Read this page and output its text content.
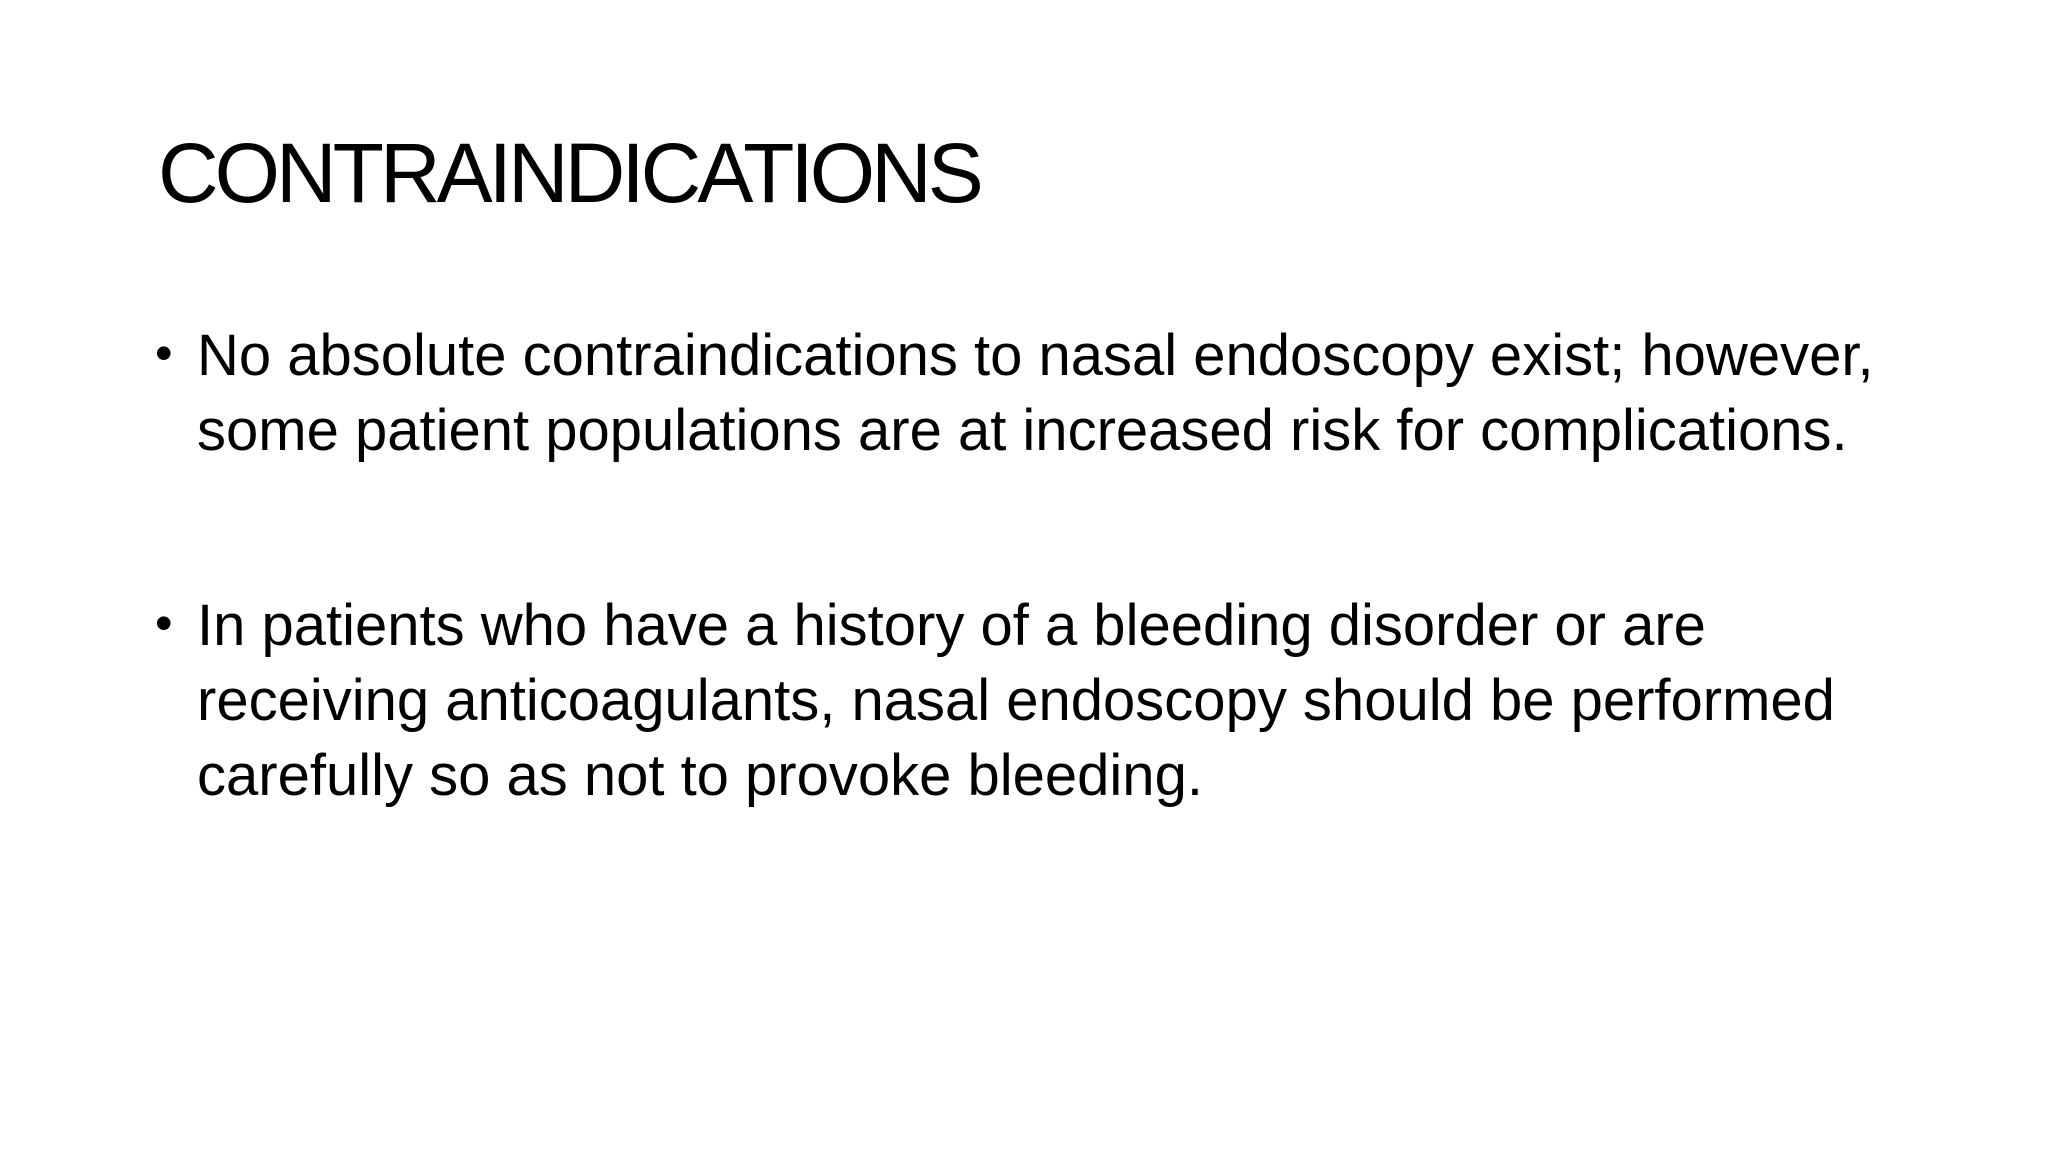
CONTRAINDICATIONS
• No absolute contraindications to nasal endoscopy exist; however, some patient populations are at increased risk for complications.
• In patients who have a history of a bleeding disorder or are receiving anticoagulants, nasal endoscopy should be performed carefully so as not to provoke bleeding.
